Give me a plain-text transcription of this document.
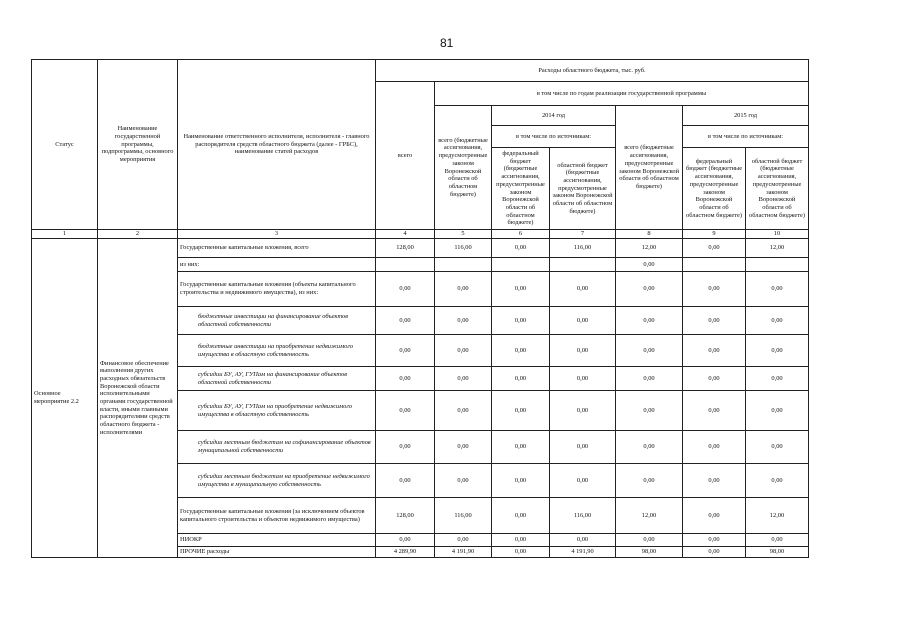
81
Статус	Наименование государственной программы, подпрограммы, основного мероприятия	Наименование ответственного исполнителя, исполнителя - главного распорядителя средств областного бюджета (далее - ГРБС), наименование статей расходов	Расходы областного бюджета, тыс. руб.						
			всего	в том числе по годам реализации государственной программы					
				всего (бюджетные ассигнования, предусмотренные законом Воронежской области об областном бюджете)	2014 год		всего (бюджетные ассигнования, предусмотренные законом Воронежской области об областном бюджете)	2015 год	
					в том числе по источникам:			в том числе по источникам:	
					федеральный бюджет (бюджетные ассигнования, предусмотренные законом Воронежской области об областном бюджете)	областной бюджет (бюджетные ассигнования, предусмотренные законом Воронежской области об областном бюджете)		федеральный бюджет (бюджетные ассигнования, предусмотренные законом Воронежской области об областном бюджете)	областной бюджет (бюджетные ассигнования, предусмотренные законом Воронежской области об областном бюджете)
1	2	3	4	5	6	7	8	9	10
Основное мероприятие 2.2	Финансовое обеспечение выполнения других расходных обязательств Воронежской области исполнительными органами государственной власти, иными главными распорядителями средств областного бюджета - исполнителями	Государственные капитальные вложения, всего	128,00	116,00	0,00	116,00	12,00	0,00	12,00
		из них:					0,00		
		Государственные капитальные вложения (объекты капитального строительства и недвижимого имущества), из них:	0,00	0,00	0,00	0,00	0,00	0,00	0,00
		бюджетные инвестиции на финансирование объектов областной собственности	0,00	0,00	0,00	0,00	0,00	0,00	0,00
		бюджетные инвестиции на приобретение недвижимого имущества в областную собственность	0,00	0,00	0,00	0,00	0,00	0,00	0,00
		субсидии БУ, АУ, ГУПам на финансирование объектов областной собственности	0,00	0,00	0,00	0,00	0,00	0,00	0,00
		субсидии БУ, АУ, ГУПам на приобретение недвижимого имущества в областную собственность	0,00	0,00	0,00	0,00	0,00	0,00	0,00
		субсидии местным бюджетам на софинансирование объектов муниципальной собственности	0,00	0,00	0,00	0,00	0,00	0,00	0,00
		субсидии местным бюджетам на приобретение недвижимого имущества в муниципальную собственность	0,00	0,00	0,00	0,00	0,00	0,00	0,00
		Государственные капитальные вложения (за исключением объектов капитального строительства и объектов недвижимого имущества)	128,00	116,00	0,00	116,00	12,00	0,00	12,00
		НИОКР	0,00	0,00	0,00	0,00	0,00	0,00	0,00
		ПРОЧИЕ расходы	4 289,90	4 191,90	0,00	4 191,90	98,00	0,00	98,00
